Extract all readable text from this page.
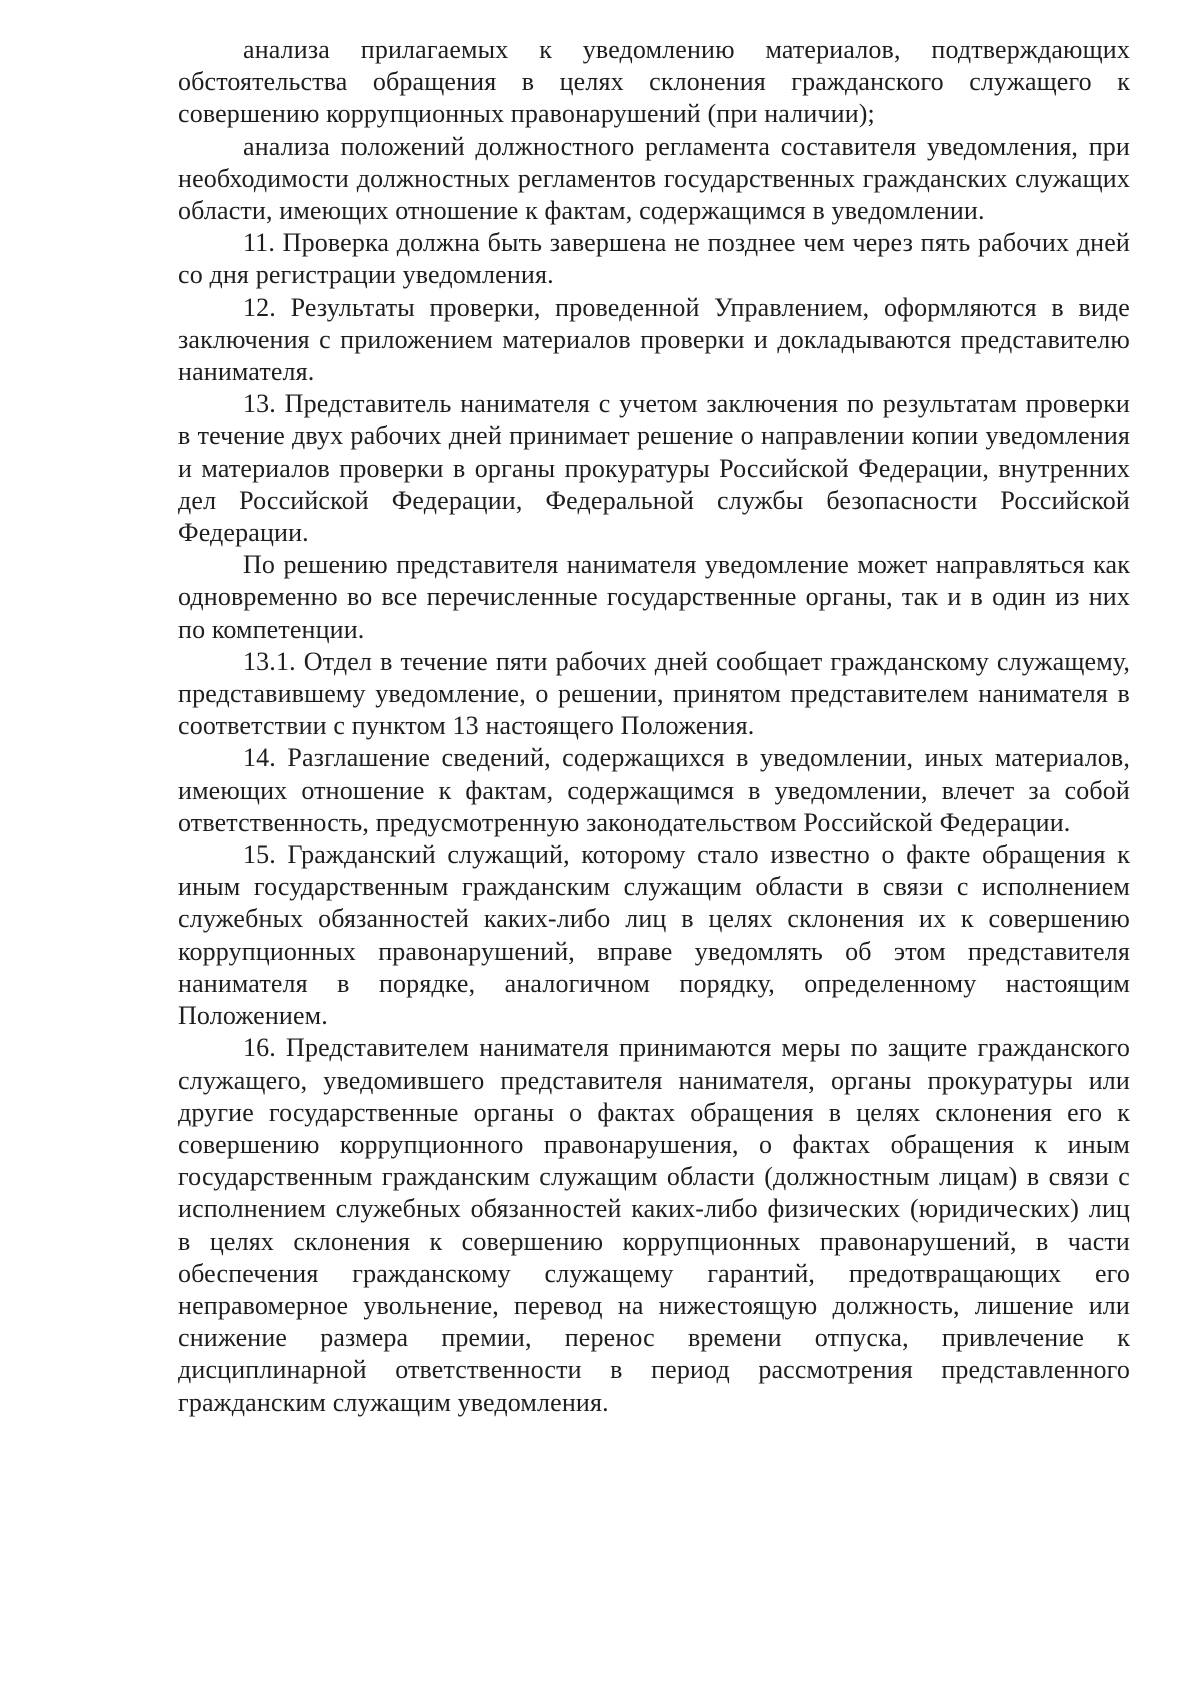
анализа прилагаемых к уведомлению материалов, подтверждающих обстоятельства обращения в целях склонения гражданского служащего к совершению коррупционных правонарушений (при наличии);

анализа положений должностного регламента составителя уведомления, при необходимости должностных регламентов государственных гражданских служащих области, имеющих отношение к фактам, содержащимся в уведомлении.

11. Проверка должна быть завершена не позднее чем через пять рабочих дней со дня регистрации уведомления.

12. Результаты проверки, проведенной Управлением, оформляются в виде заключения с приложением материалов проверки и докладываются представителю нанимателя.

13. Представитель нанимателя с учетом заключения по результатам проверки в течение двух рабочих дней принимает решение о направлении копии уведомления и материалов проверки в органы прокуратуры Российской Федерации, внутренних дел Российской Федерации, Федеральной службы безопасности Российской Федерации.

По решению представителя нанимателя уведомление может направляться как одновременно во все перечисленные государственные органы, так и в один из них по компетенции.

13.1. Отдел в течение пяти рабочих дней сообщает гражданскому служащему, представившему уведомление, о решении, принятом представителем нанимателя в соответствии с пунктом 13 настоящего Положения.

14. Разглашение сведений, содержащихся в уведомлении, иных материалов, имеющих отношение к фактам, содержащимся в уведомлении, влечет за собой ответственность, предусмотренную законодательством Российской Федерации.

15. Гражданский служащий, которому стало известно о факте обращения к иным государственным гражданским служащим области в связи с исполнением служебных обязанностей каких-либо лиц в целях склонения их к совершению коррупционных правонарушений, вправе уведомлять об этом представителя нанимателя в порядке, аналогичном порядку, определенному настоящим Положением.

16. Представителем нанимателя принимаются меры по защите гражданского служащего, уведомившего представителя нанимателя, органы прокуратуры или другие государственные органы о фактах обращения в целях склонения его к совершению коррупционного правонарушения, о фактах обращения к иным государственным гражданским служащим области (должностным лицам) в связи с исполнением служебных обязанностей каких-либо физических (юридических) лиц в целях склонения к совершению коррупционных правонарушений, в части обеспечения гражданскому служащему гарантий, предотвращающих его неправомерное увольнение, перевод на нижестоящую должность, лишение или снижение размера премии, перенос времени отпуска, привлечение к дисциплинарной ответственности в период рассмотрения представленного гражданским служащим уведомления.
